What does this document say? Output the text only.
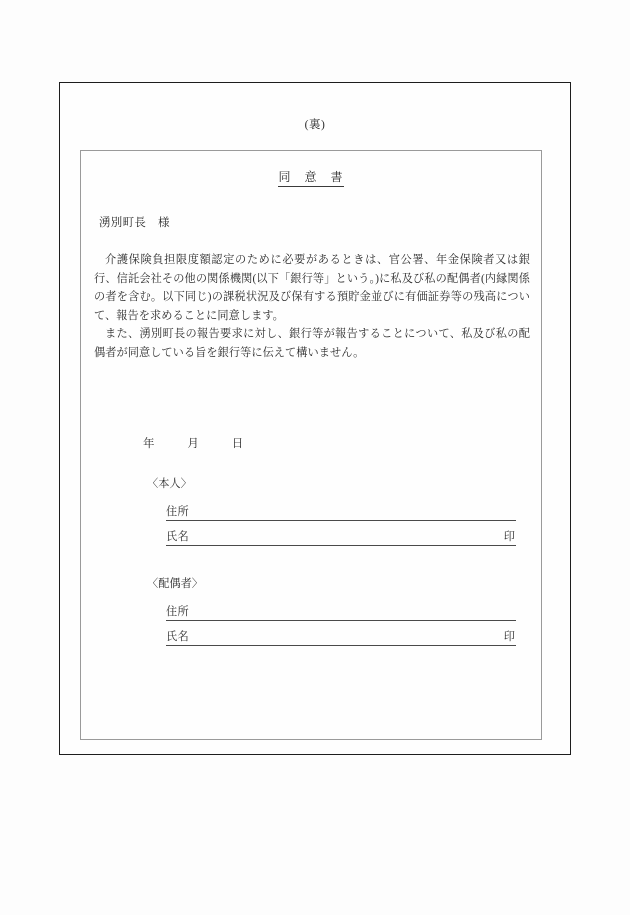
(裏)
同　意　書
湧別町長　様

介護保険負担限度額認定のために必要があるときは、官公署、年金保険者又は銀行、信託会社その他の関係機関(以下「銀行等」という。)に私及び私の配偶者(内縁関係の者を含む。以下同じ)の課税状況及び保有する預貯金並びに有価証券等の残高について、報告を求めることに同意します。

また、湧別町長の報告要求に対し、銀行等が報告することについて、私及び私の配偶者が同意している旨を銀行等に伝えて構いません。

年	月	日
〈本人〉
住所
氏名	印
〈配偶者〉
住所
氏名	印
